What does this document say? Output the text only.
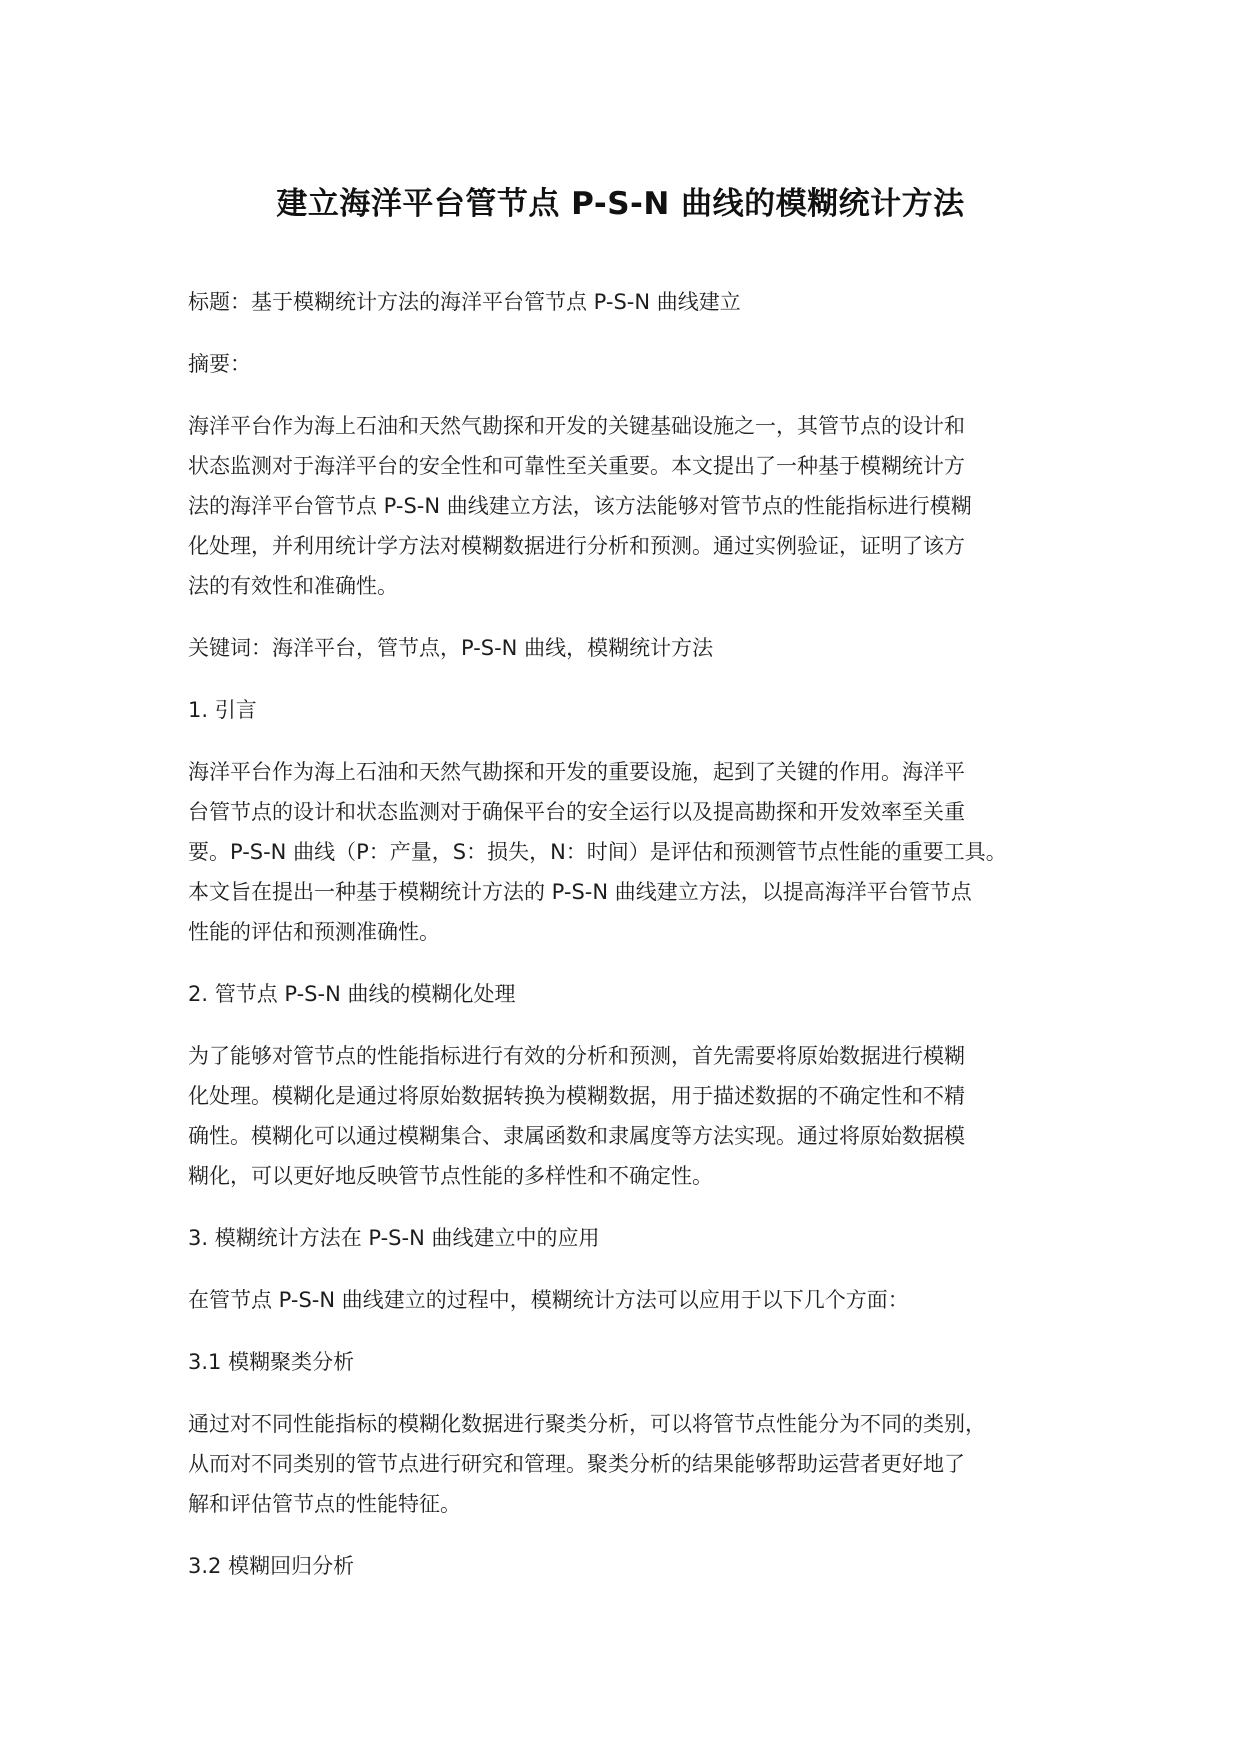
建立海洋平台管节点 P-S-N 曲线的模糊统计方法

标题：基于模糊统计方法的海洋平台管节点 P-S-N 曲线建立

摘要：

海洋平台作为海上石油和天然气勘探和开发的关键基础设施之一，其管节点的设计和
状态监测对于海洋平台的安全性和可靠性至关重要。本文提出了一种基于模糊统计方
法的海洋平台管节点 P-S-N 曲线建立方法，该方法能够对管节点的性能指标进行模糊
化处理，并利用统计学方法对模糊数据进行分析和预测。通过实例验证，证明了该方
法的有效性和准确性。

关键词：海洋平台，管节点，P-S-N 曲线，模糊统计方法

1. 引言

海洋平台作为海上石油和天然气勘探和开发的重要设施，起到了关键的作用。海洋平
台管节点的设计和状态监测对于确保平台的安全运行以及提高勘探和开发效率至关重
要。P-S-N 曲线（P：产量，S：损失，N：时间）是评估和预测管节点性能的重要工具。
本文旨在提出一种基于模糊统计方法的 P-S-N 曲线建立方法，以提高海洋平台管节点
性能的评估和预测准确性。

2. 管节点 P-S-N 曲线的模糊化处理

为了能够对管节点的性能指标进行有效的分析和预测，首先需要将原始数据进行模糊
化处理。模糊化是通过将原始数据转换为模糊数据，用于描述数据的不确定性和不精
确性。模糊化可以通过模糊集合、隶属函数和隶属度等方法实现。通过将原始数据模
糊化，可以更好地反映管节点性能的多样性和不确定性。

3. 模糊统计方法在 P-S-N 曲线建立中的应用

在管节点 P-S-N 曲线建立的过程中，模糊统计方法可以应用于以下几个方面：

3.1 模糊聚类分析

通过对不同性能指标的模糊化数据进行聚类分析，可以将管节点性能分为不同的类别，
从而对不同类别的管节点进行研究和管理。聚类分析的结果能够帮助运营者更好地了
解和评估管节点的性能特征。

3.2 模糊回归分析
